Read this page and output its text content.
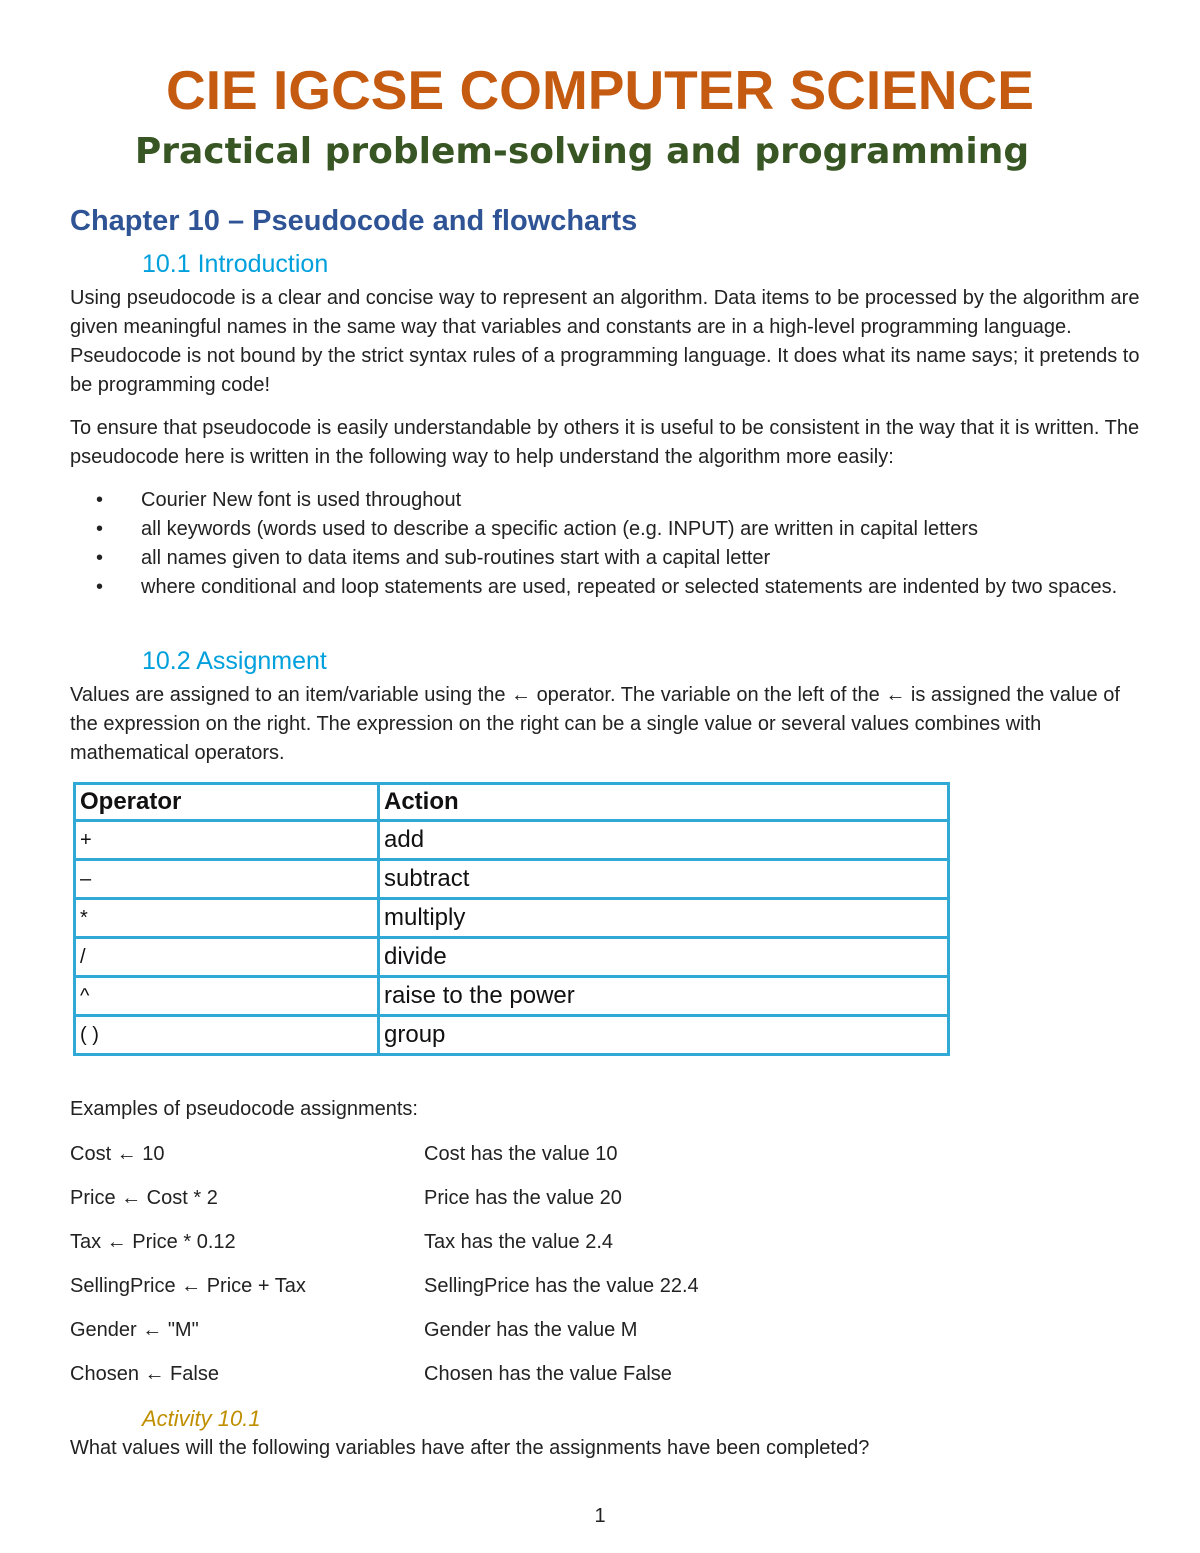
CIE IGCSE COMPUTER SCIENCE
Practical problem-solving and programming
Chapter 10 – Pseudocode and flowcharts
10.1 Introduction
Using pseudocode is a clear and concise way to represent an algorithm. Data items to be processed by the algorithm are given meaningful names in the same way that variables and constants are in a high-level programming language. Pseudocode is not bound by the strict syntax rules of a programming language. It does what its name says; it pretends to be programming code!
To ensure that pseudocode is easily understandable by others it is useful to be consistent in the way that it is written. The pseudocode here is written in the following way to help understand the algorithm more easily:
• Courier New font is used throughout
• all keywords (words used to describe a specific action (e.g. INPUT) are written in capital letters
• all names given to data items and sub-routines start with a capital letter
• where conditional and loop statements are used, repeated or selected statements are indented by two spaces.
10.2 Assignment
Values are assigned to an item/variable using the ← operator. The variable on the left of the ← is assigned the value of the expression on the right. The expression on the right can be a single value or several values combines with mathematical operators.
Operator	Action
+	add
–	subtract
*	multiply
/	divide
^	raise to the power
( )	group
Examples of pseudocode assignments:
Cost ← 10	Cost has the value 10
Price ← Cost * 2	Price has the value 20
Tax ← Price * 0.12	Tax has the value 2.4
SellingPrice ← Price + Tax	SellingPrice has the value 22.4
Gender ← "M"	Gender has the value M
Chosen ← False	Chosen has the value False
Activity 10.1
What values will the following variables have after the assignments have been completed?
1
